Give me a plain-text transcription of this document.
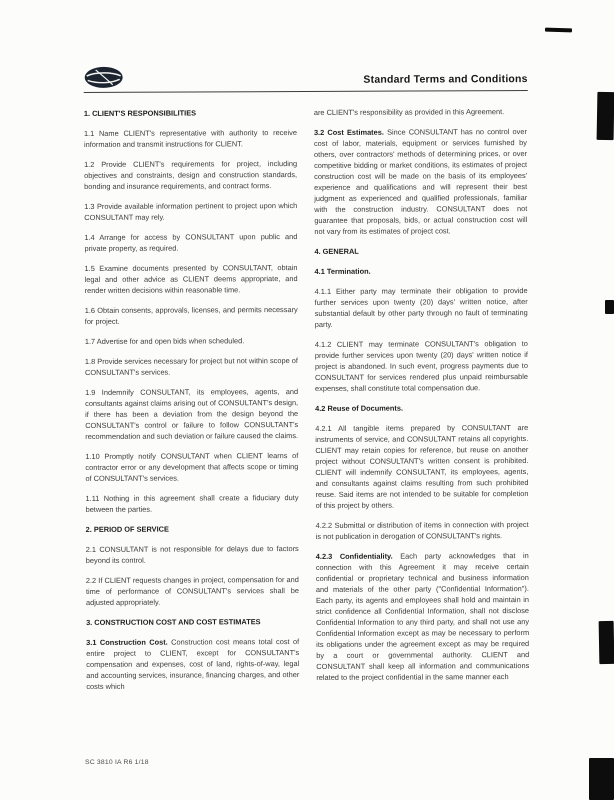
Standard Terms and Conditions
1. CLIENT'S RESPONSIBILITIES

1.1 Name CLIENT's representative with authority to receive information and transmit instructions for CLIENT.

1.2 Provide CLIENT's requirements for project, including objectives and constraints, design and construction standards, bonding and insurance requirements, and contract forms.

1.3 Provide available information pertinent to project upon which CONSULTANT may rely.

1.4 Arrange for access by CONSULTANT upon public and private property, as required.

1.5 Examine documents presented by CONSULTANT, obtain legal and other advice as CLIENT deems appropriate, and render written decisions within reasonable time.

1.6 Obtain consents, approvals, licenses, and permits necessary for project.

1.7 Advertise for and open bids when scheduled.

1.8 Provide services necessary for project but not within scope of CONSULTANT's services.

1.9 Indemnify CONSULTANT, its employees, agents, and consultants against claims arising out of CONSULTANT's design, if there has been a deviation from the design beyond the CONSULTANT's control or failure to follow CONSULTANT's recommendation and such deviation or failure caused the claims.

1.10 Promptly notify CONSULTANT when CLIENT learns of contractor error or any development that affects scope or timing of CONSULTANT's services.

1.11 Nothing in this agreement shall create a fiduciary duty between the parties.

2. PERIOD OF SERVICE

2.1 CONSULTANT is not responsible for delays due to factors beyond its control.

2.2 If CLIENT requests changes in project, compensation for and time of performance of CONSULTANT's services shall be adjusted appropriately.

3. CONSTRUCTION COST AND COST ESTIMATES

3.1 Construction Cost. Construction cost means total cost of entire project to CLIENT, except for CONSULTANT's compensation and expenses, cost of land, rights-of-way, legal and accounting services, insurance, financing charges, and other costs which

are CLIENT's responsibility as provided in this Agreement.

3.2 Cost Estimates. Since CONSULTANT has no control over cost of labor, materials, equipment or services furnished by others, over contractors' methods of determining prices, or over competitive bidding or market conditions, its estimates of project construction cost will be made on the basis of its employees' experience and qualifications and will represent their best judgment as experienced and qualified professionals, familiar with the construction industry. CONSULTANT does not guarantee that proposals, bids, or actual construction cost will not vary from its estimates of project cost.

4. GENERAL
4.1 Termination.

4.1.1 Either party may terminate their obligation to provide further services upon twenty (20) days' written notice, after substantial default by other party through no fault of terminating party.

4.1.2 CLIENT may terminate CONSULTANT's obligation to provide further services upon twenty (20) days' written notice if project is abandoned. In such event, progress payments due to CONSULTANT for services rendered plus unpaid reimbursable expenses, shall constitute total compensation due.

4.2 Reuse of Documents.

4.2.1 All tangible items prepared by CONSULTANT are instruments of service, and CONSULTANT retains all copyrights. CLIENT may retain copies for reference, but reuse on another project without CONSULTANT's written consent is prohibited. CLIENT will indemnify CONSULTANT, its employees, agents, and consultants against claims resulting from such prohibited reuse. Said items are not intended to be suitable for completion of this project by others.

4.2.2 Submittal or distribution of items in connection with project is not publication in derogation of CONSULTANT's rights.

4.2.3 Confidentiality. Each party acknowledges that in connection with this Agreement it may receive certain confidential or proprietary technical and business information and materials of the other party ("Confidential Information"). Each party, its agents and employees shall hold and maintain in strict confidence all Confidential Information, shall not disclose Confidential Information to any third party, and shall not use any Confidential Information except as may be necessary to perform its obligations under the agreement except as may be required by a court or governmental authority. CLIENT and CONSULTANT shall keep all information and communications related to the project confidential in the same manner each

SC 3810 IA R6 1/18
